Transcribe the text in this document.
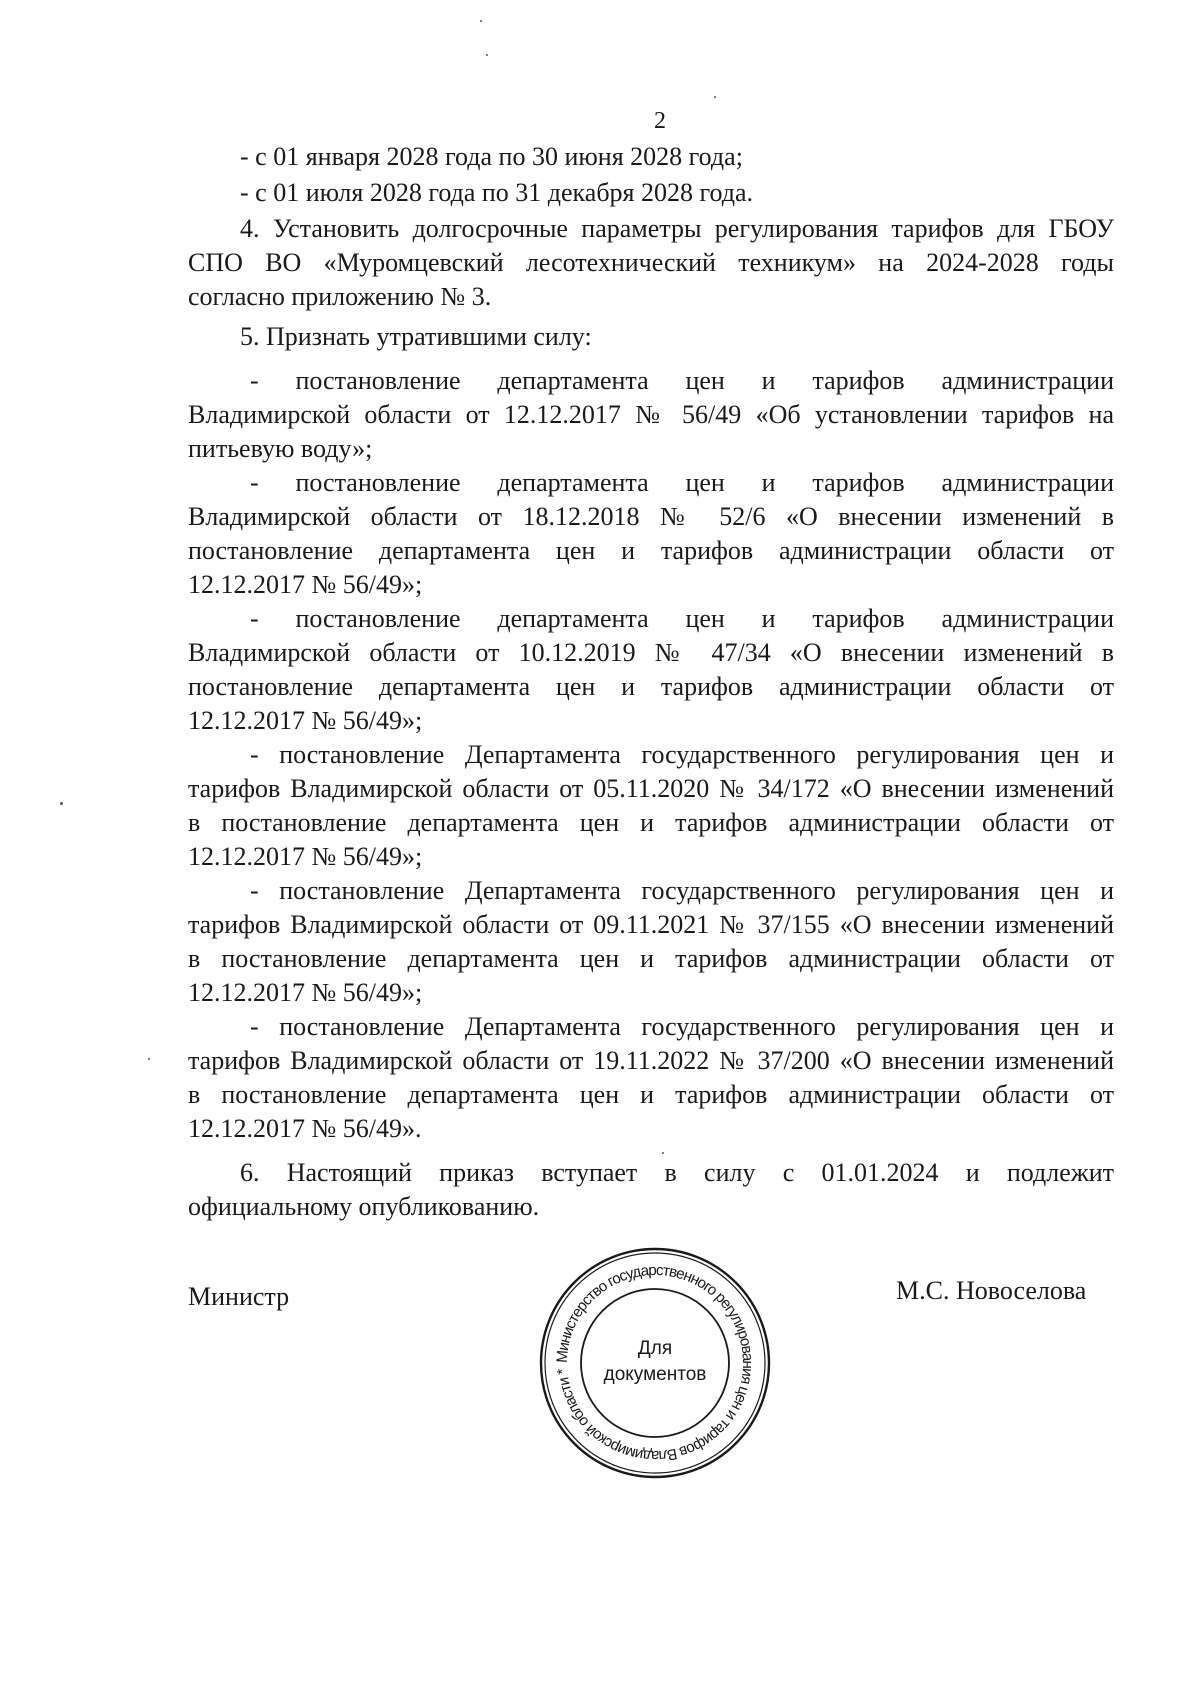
2
- с 01 января 2028 года по 30 июня 2028 года;
- с 01 июля 2028 года по 31 декабря 2028 года.
4. Установить долгосрочные параметры регулирования тарифов для ГБОУ
СПО ВО «Муромцевский лесотехнический техникум» на 2024-2028 годы
согласно приложению № 3.
5. Признать утратившими силу:
- постановление департамента цен и тарифов администрации
Владимирской области от 12.12.2017 № 56/49 «Об установлении тарифов на
питьевую воду»;
- постановление департамента цен и тарифов администрации
Владимирской области от 18.12.2018 № 52/6 «О внесении изменений в
постановление департамента цен и тарифов администрации области от
12.12.2017 № 56/49»;
- постановление департамента цен и тарифов администрации
Владимирской области от 10.12.2019 № 47/34 «О внесении изменений в
постановление департамента цен и тарифов администрации области от
12.12.2017 № 56/49»;
- постановление Департамента государственного регулирования цен и
тарифов Владимирской области от 05.11.2020 № 34/172 «О внесении изменений
в постановление департамента цен и тарифов администрации области от
12.12.2017 № 56/49»;
- постановление Департамента государственного регулирования цен и
тарифов Владимирской области от 09.11.2021 № 37/155 «О внесении изменений
в постановление департамента цен и тарифов администрации области от
12.12.2017 № 56/49»;
- постановление Департамента государственного регулирования цен и
тарифов Владимирской области от 19.11.2022 № 37/200 «О внесении изменений
в постановление департамента цен и тарифов администрации области от
12.12.2017 № 56/49».
6. Настоящий приказ вступает в силу с 01.01.2024 и подлежит
официальному опубликованию.
Министр	М.С. Новоселова
Министерство государственного регулирования цен и тарифов Владимирской области *
Для
документов
